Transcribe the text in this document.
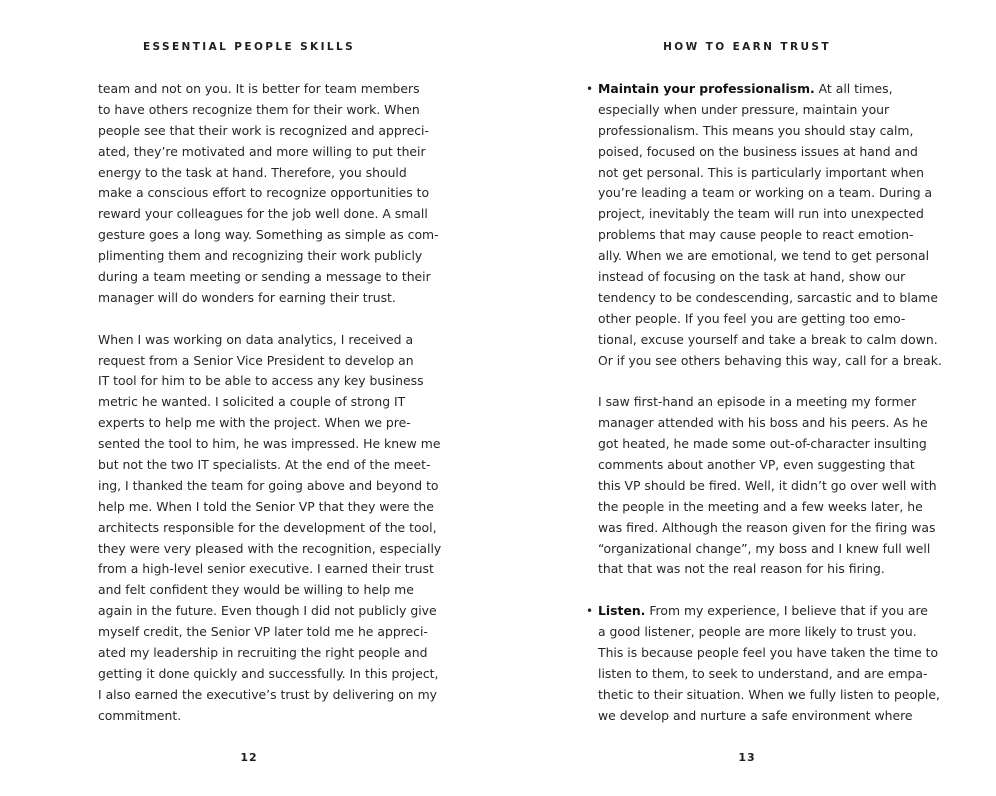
ESSENTIAL PEOPLE SKILLS
team and not on you. It is better for team members
to have others recognize them for their work. When
people see that their work is recognized and appreci-
ated, they’re motivated and more willing to put their
energy to the task at hand. Therefore, you should
make a conscious effort to recognize opportunities to
reward your colleagues for the job well done. A small
gesture goes a long way. Something as simple as com-
plimenting them and recognizing their work publicly
during a team meeting or sending a message to their
manager will do wonders for earning their trust.
When I was working on data analytics, I received a
request from a Senior Vice President to develop an
IT tool for him to be able to access any key business
metric he wanted. I solicited a couple of strong IT
experts to help me with the project. When we pre-
sented the tool to him, he was impressed. He knew me
but not the two IT specialists. At the end of the meet-
ing, I thanked the team for going above and beyond to
help me. When I told the Senior VP that they were the
architects responsible for the development of the tool,
they were very pleased with the recognition, especially
from a high-level senior executive. I earned their trust
and felt confident they would be willing to help me
again in the future. Even though I did not publicly give
myself credit, the Senior VP later told me he appreci-
ated my leadership in recruiting the right people and
getting it done quickly and successfully. In this project,
I also earned the executive’s trust by delivering on my
commitment.
12
HOW TO EARN TRUST
13
• Maintain your professionalism. At all times,
especially when under pressure, maintain your
professionalism. This means you should stay calm,
poised, focused on the business issues at hand and
not get personal. This is particularly important when
you’re leading a team or working on a team. During a
project, inevitably the team will run into unexpected
problems that may cause people to react emotion-
ally. When we are emotional, we tend to get personal
instead of focusing on the task at hand, show our
tendency to be condescending, sarcastic and to blame
other people. If you feel you are getting too emo-
tional, excuse yourself and take a break to calm down.
Or if you see others behaving this way, call for a break.
I saw first-hand an episode in a meeting my former
manager attended with his boss and his peers. As he
got heated, he made some out-of-character insulting
comments about another VP, even suggesting that
this VP should be fired. Well, it didn’t go over well with
the people in the meeting and a few weeks later, he
was fired. Although the reason given for the firing was
“organizational change”, my boss and I knew full well
that that was not the real reason for his firing.
• Listen. From my experience, I believe that if you are
a good listener, people are more likely to trust you.
This is because people feel you have taken the time to
listen to them, to seek to understand, and are empa-
thetic to their situation. When we fully listen to people,
we develop and nurture a safe environment where
